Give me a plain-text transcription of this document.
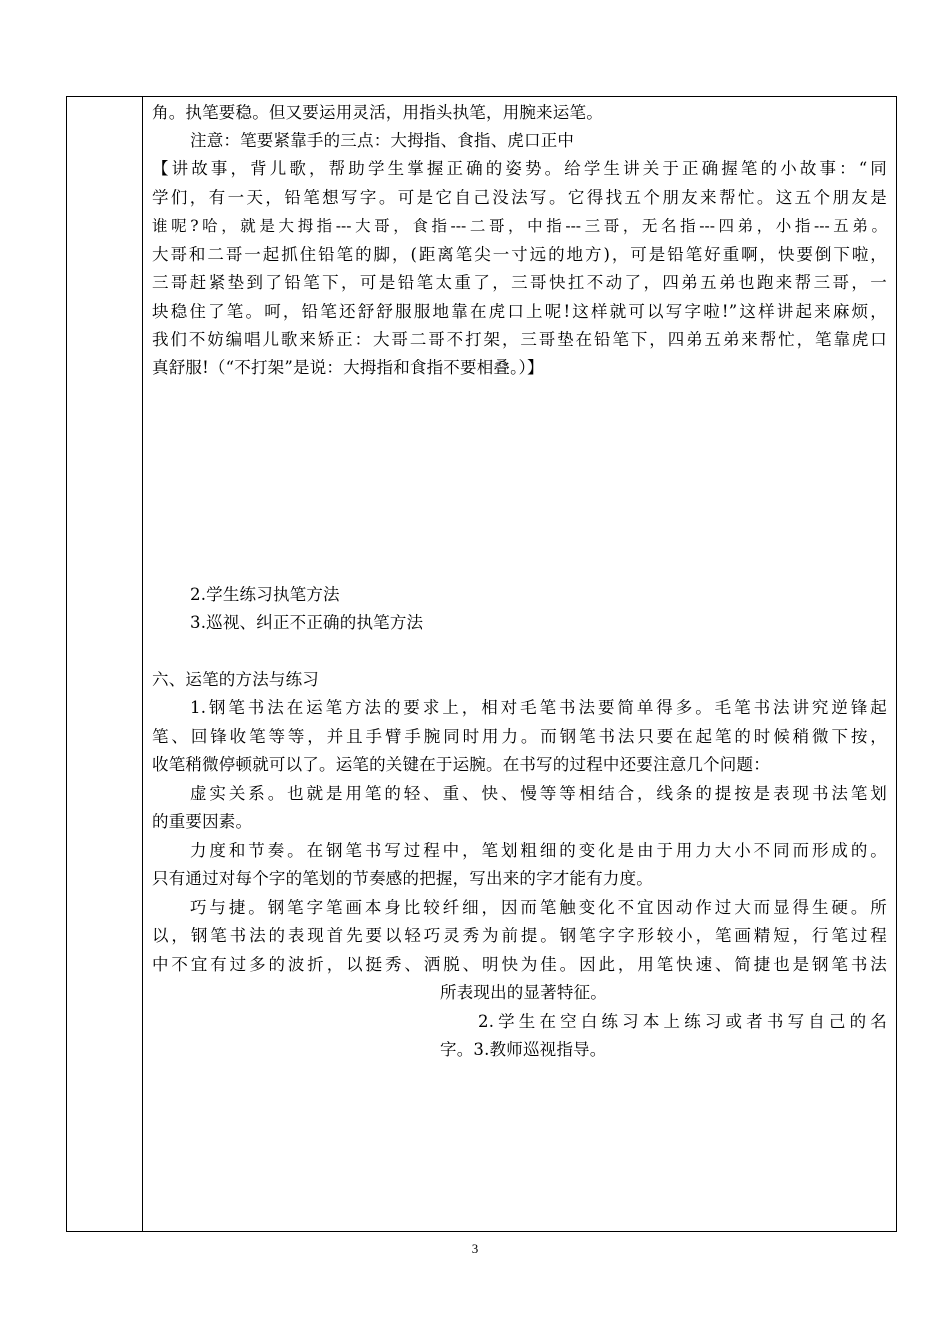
角。执笔要稳。但又要运用灵活，用指头执笔，用腕来运笔。
注意：笔要紧靠手的三点：大拇指、食指、虎口正中
【讲故事，背儿歌，帮助学生掌握正确的姿势。给学生讲关于正确握笔的小故事：“同
学们，有一天，铅笔想写字。可是它自己没法写。它得找五个朋友来帮忙。这五个朋友是
谁呢?哈，就是大拇指---大哥，食指---二哥，中指---三哥，无名指---四弟，小指---五弟。
大哥和二哥一起抓住铅笔的脚，(距离笔尖一寸远的地方)，可是铅笔好重啊，快要倒下啦，
三哥赶紧垫到了铅笔下，可是铅笔太重了，三哥快扛不动了，四弟五弟也跑来帮三哥，一
块稳住了笔。呵，铅笔还舒舒服服地靠在虎口上呢!这样就可以写字啦!”这样讲起来麻烦，
我们不妨编唱儿歌来矫正：大哥二哥不打架，三哥垫在铅笔下，四弟五弟来帮忙，笔靠虎口
真舒服!（“不打架”是说：大拇指和食指不要相叠。）】
2.学生练习执笔方法
3.巡视、纠正不正确的执笔方法
六、运笔的方法与练习
1.钢笔书法在运笔方法的要求上，相对毛笔书法要简单得多。毛笔书法讲究逆锋起
笔、回锋收笔等等，并且手臂手腕同时用力。而钢笔书法只要在起笔的时候稍微下按，
收笔稍微停顿就可以了。运笔的关键在于运腕。在书写的过程中还要注意几个问题：
虚实关系。也就是用笔的轻、重、快、慢等等相结合，线条的提按是表现书法笔划
的重要因素。
力度和节奏。在钢笔书写过程中，笔划粗细的变化是由于用力大小不同而形成的。
只有通过对每个字的笔划的节奏感的把握，写出来的字才能有力度。
巧与捷。钢笔字笔画本身比较纤细，因而笔触变化不宜因动作过大而显得生硬。所
以，钢笔书法的表现首先要以轻巧灵秀为前提。钢笔字字形较小，笔画精短，行笔过程
中不宜有过多的波折，以挺秀、洒脱、明快为佳。因此，用笔快速、简捷也是钢笔书法
所表现出的显著特征。
2.学生在空白练习本上练习或者书写自己的名
字。3.教师巡视指导。
3
